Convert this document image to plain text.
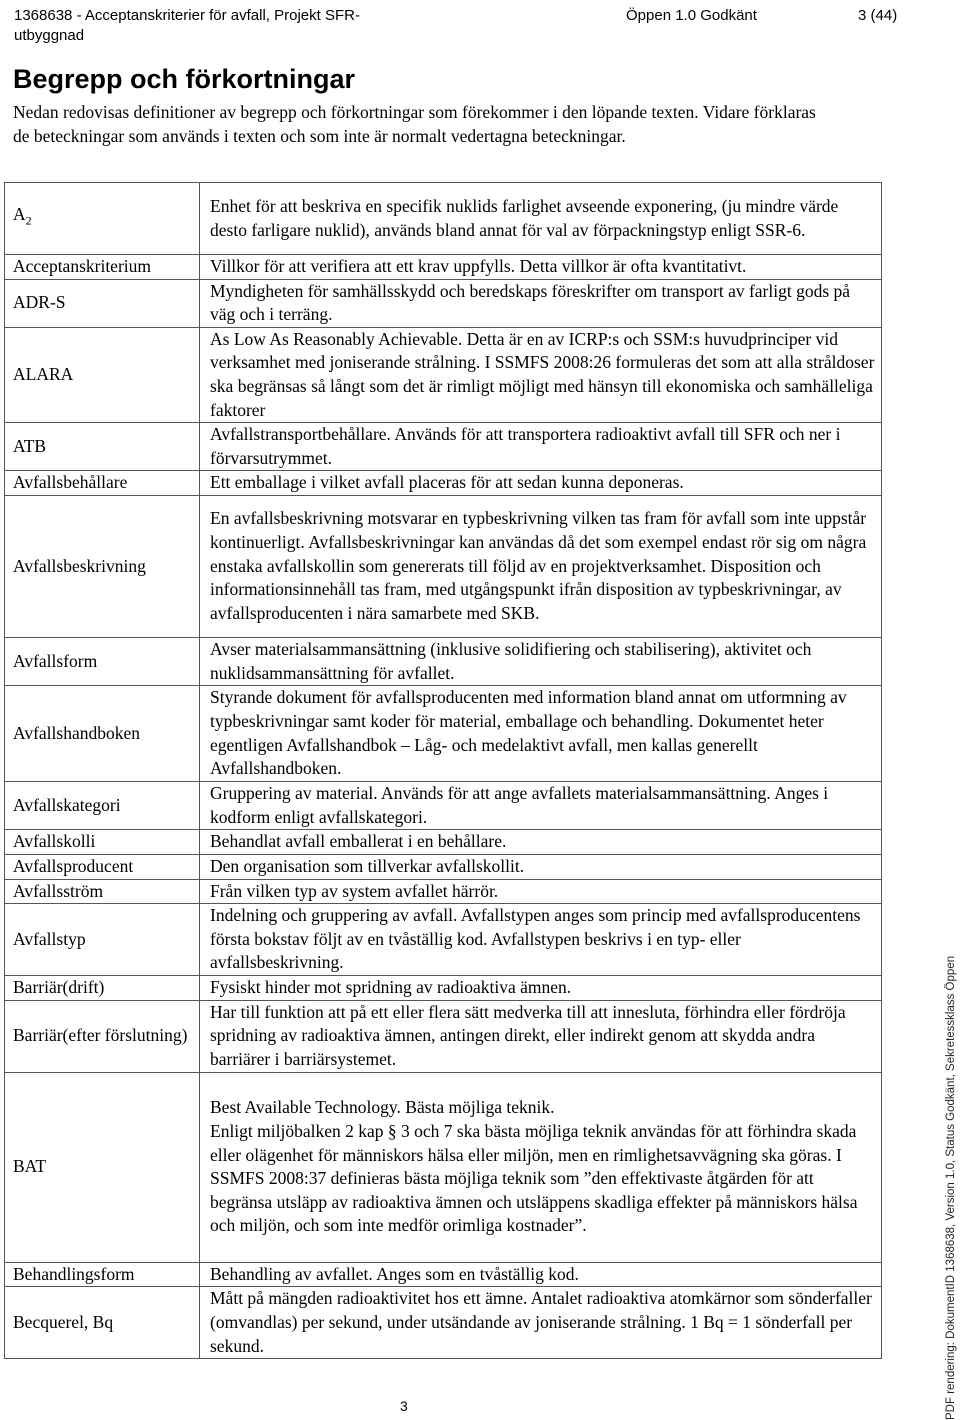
1368638 - Acceptanskriterier för avfall, Projekt SFR-utbyggnad
Öppen 1.0 Godkänt	3 (44)
Begrepp och förkortningar

Nedan redovisas definitioner av begrepp och förkortningar som förekommer i den löpande texten. Vidare förklaras de beteckningar som används i texten och som inte är normalt vedertagna beteckningar.

$A_2$	Enhet för att beskriva en specifik nuklids farlighet avseende exponering, (ju mindre värde desto farligare nuklid), används bland annat för val av förpackningstyp enligt SSR-6.
Acceptanskriterium	Villkor för att verifiera att ett krav uppfylls. Detta villkor är ofta kvantitativt.
ADR-S	Myndigheten för samhällsskydd och beredskaps föreskrifter om transport av farligt gods på väg och i terräng.
ALARA	As Low As Reasonably Achievable. Detta är en av ICRP:s och SSM:s huvudprinciper vid verksamhet med joniserande strålning. I SSMFS 2008:26 formuleras det som att alla stråldoser ska begränsas så långt som det är rimligt möjligt med hänsyn till ekonomiska och samhälleliga faktorer
ATB	Avfallstransportbehållare. Används för att transportera radioaktivt avfall till SFR och ner i förvarsutrymmet.
Avfallsbehållare	Ett emballage i vilket avfall placeras för att sedan kunna deponeras.
Avfallsbeskrivning	En avfallsbeskrivning motsvarar en typbeskrivning vilken tas fram för avfall som inte uppstår kontinuerligt. Avfallsbeskrivningar kan användas då det som exempel endast rör sig om några enstaka avfallskollin som genererats till följd av en projektverksamhet. Disposition och informationsinnehåll tas fram, med utgångspunkt ifrån disposition av typbeskrivningar, av avfallsproducenten i nära samarbete med SKB.
Avfallsform	Avser materialsammansättning (inklusive solidifiering och stabilisering), aktivitet och nuklidsammansättning för avfallet.
Avfallshandboken	Styrande dokument för avfallsproducenten med information bland annat om utformning av typbeskrivningar samt koder för material, emballage och behandling. Dokumentet heter egentligen Avfallshandbok – Låg- och medelaktivt avfall, men kallas generellt Avfallshandboken.
Avfallskategori	Gruppering av material. Används för att ange avfallets materialsammansättning. Anges i kodform enligt avfallskategori.
Avfallskolli	Behandlat avfall emballerat i en behållare.
Avfallsproducent	Den organisation som tillverkar avfallskollit.
Avfallsström	Från vilken typ av system avfallet härrör.
Avfallstyp	Indelning och gruppering av avfall. Avfallstypen anges som princip med avfallsproducentens första bokstav följt av en tvåställig kod. Avfallstypen beskrivs i en typ- eller avfallsbeskrivning.
Barriär(drift)	Fysiskt hinder mot spridning av radioaktiva ämnen.
Barriär(efter förslutning)	Har till funktion att på ett eller flera sätt medverka till att innesluta, förhindra eller fördröja spridning av radioaktiva ämnen, antingen direkt, eller indirekt genom att skydda andra barriärer i barriärsystemet.
BAT	Best Available Technology. Bästa möjliga teknik.
Enligt miljöbalken 2 kap § 3 och 7 ska bästa möjliga teknik användas för att förhindra skada eller olägenhet för människors hälsa eller miljön, men en rimlighetsavvägning ska göras. I SSMFS 2008:37 definieras bästa möjliga teknik som ”den effektivaste åtgärden för att begränsa utsläpp av radioaktiva ämnen och utsläppens skadliga effekter på människors hälsa och miljön, och som inte medför orimliga kostnader”.
Behandlingsform	Behandling av avfallet. Anges som en tvåställig kod.
Becquerel, Bq	Mått på mängden radioaktivitet hos ett ämne. Antalet radioaktiva atomkärnor som sönderfaller (omvandlas) per sekund, under utsändande av joniserande strålning. 1 Bq = 1 sönderfall per sekund.
3	PDF rendering: DokumentID 1368638, Version 1.0, Status Godkänt, Sekretessklass Öppen
